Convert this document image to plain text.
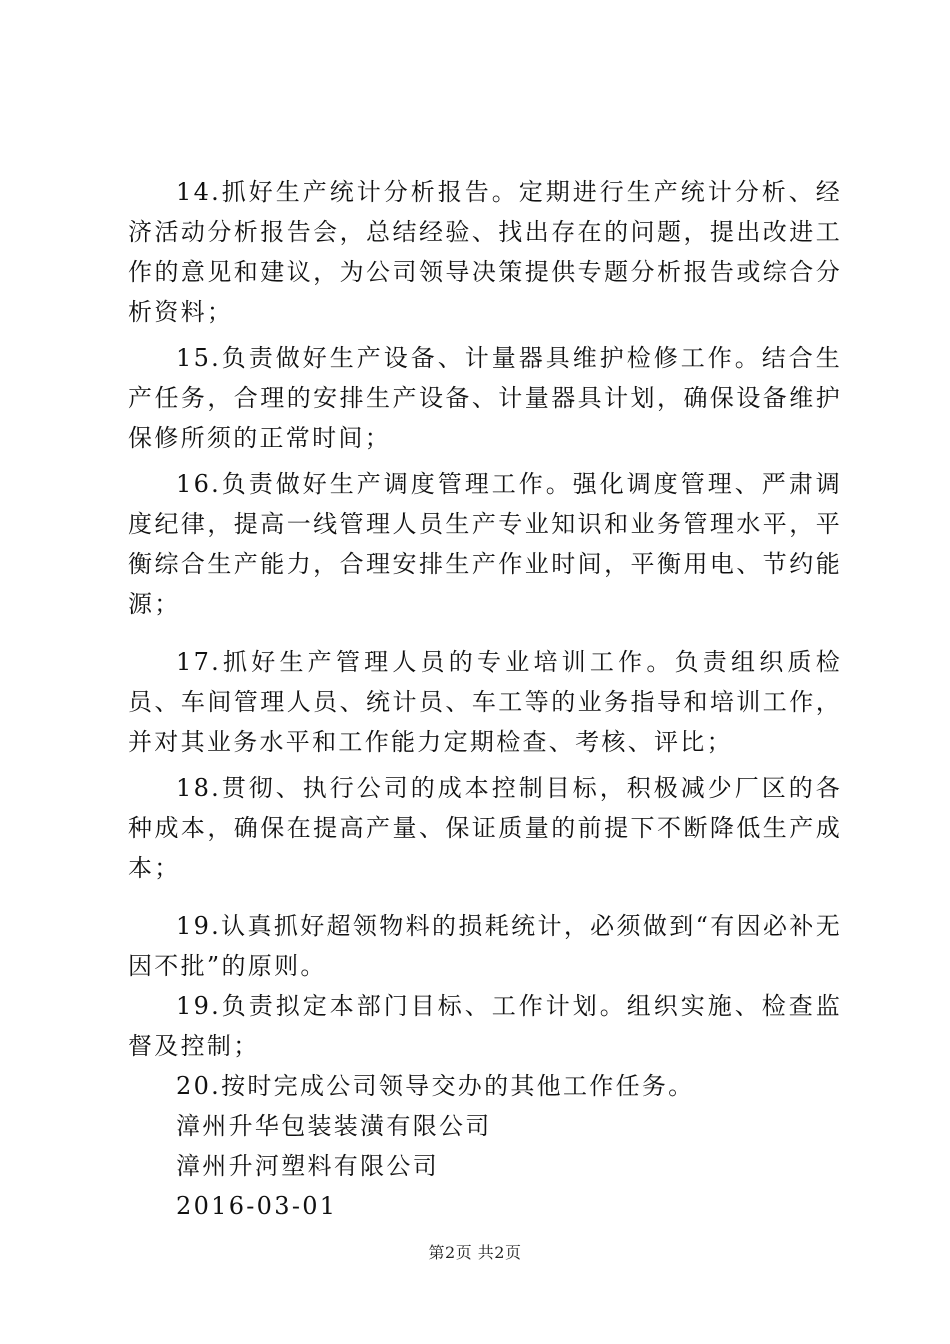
14.抓好生产统计分析报告。定期进行生产统计分析、经济活动分析报告会，总结经验、找出存在的问题，提出改进工作的意见和建议，为公司领导决策提供专题分析报告或综合分析资料；

15.负责做好生产设备、计量器具维护检修工作。结合生产任务，合理的安排生产设备、计量器具计划，确保设备维护保修所须的正常时间；

16.负责做好生产调度管理工作。强化调度管理、严肃调度纪律，提高一线管理人员生产专业知识和业务管理水平，平衡综合生产能力，合理安排生产作业时间，平衡用电、节约能源；

17.抓好生产管理人员的专业培训工作。负责组织质检员、车间管理人员、统计员、车工等的业务指导和培训工作，并对其业务水平和工作能力定期检查、考核、评比；

18.贯彻、执行公司的成本控制目标，积极减少厂区的各种成本，确保在提高产量、保证质量的前提下不断降低生产成本；

19.认真抓好超领物料的损耗统计，必须做到“有因必补无因不批”的原则。

19.负责拟定本部门目标、工作计划。组织实施、检查监督及控制；

20.按时完成公司领导交办的其他工作任务。

漳州升华包装装潢有限公司

漳州升河塑料有限公司

2016-03-01

第2页 共2页
